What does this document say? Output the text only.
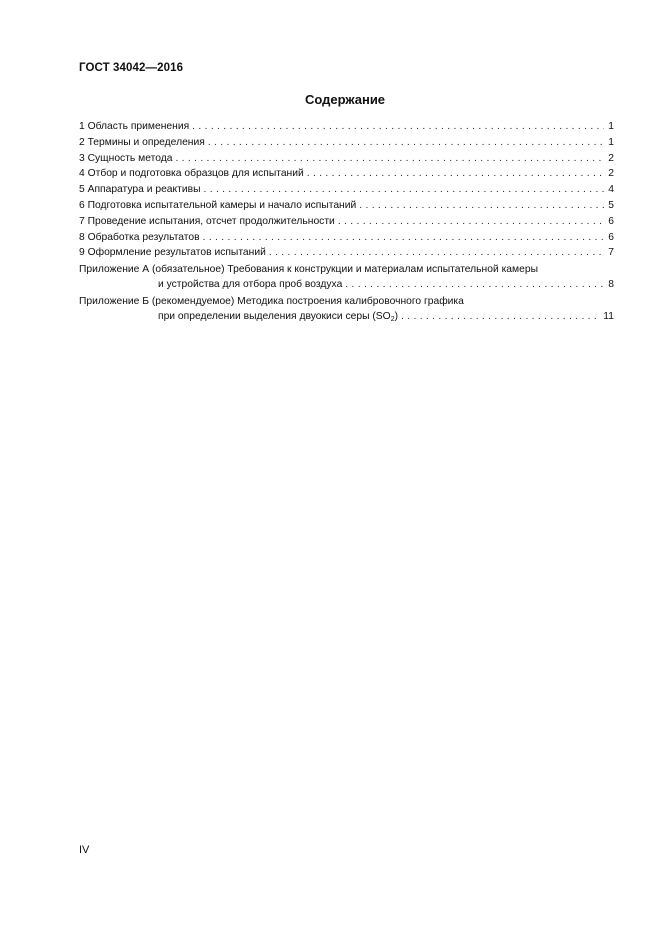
ГОСТ 34042—2016
Содержание
1 Область применения . . .	1
2 Термины и определения . . .	1
3 Сущность метода . . .	2
4 Отбор и подготовка образцов для испытаний . . .	2
5 Аппаратура и реактивы . . .	4
6 Подготовка испытательной камеры и начало испытаний . . .	5
7 Проведение испытания, отсчет продолжительности . . .	6
8 Обработка результатов . . .	6
9 Оформление результатов испытаний . . .	7
Приложение А (обязательное) Требования к конструкции и материалам испытательной камеры
и устройства для отбора проб воздуха . . .	8
Приложение Б (рекомендуемое) Методика построения калибровочного графика
при определении выделения двуокиси серы $(SO_2)$ . . .	11
IV
